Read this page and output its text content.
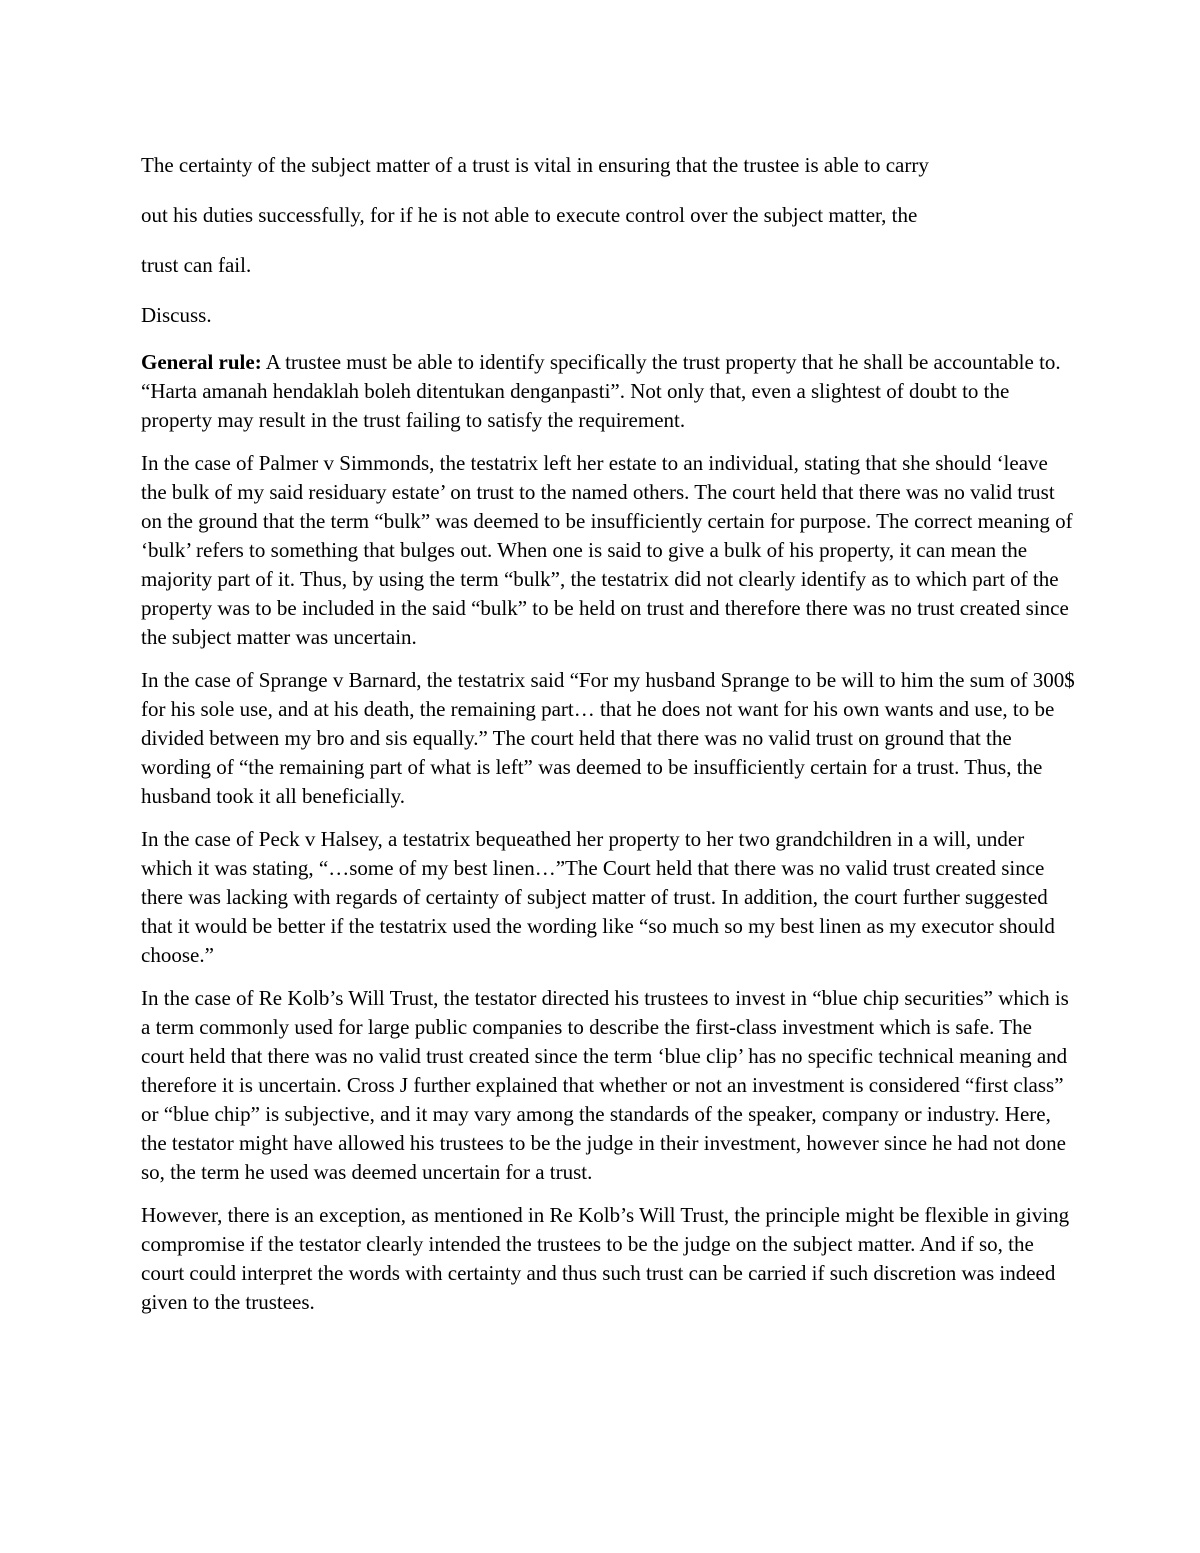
The certainty of the subject matter of a trust is vital in ensuring that the trustee is able to carry

out his duties successfully, for if he is not able to execute control over the subject matter, the

trust can fail.

Discuss.

General rule: A trustee must be able to identify specifically the trust property that he shall be accountable to. “Harta amanah hendaklah boleh ditentukan denganpasti”. Not only that, even a slightest of doubt to the property may result in the trust failing to satisfy the requirement.

In the case of Palmer v Simmonds, the testatrix left her estate to an individual, stating that she should ‘leave the bulk of my said residuary estate’ on trust to the named others. The court held that there was no valid trust on the ground that the term “bulk” was deemed to be insufficiently certain for purpose. The correct meaning of ‘bulk’ refers to something that bulges out. When one is said to give a bulk of his property, it can mean the majority part of it. Thus, by using the term “bulk”, the testatrix did not clearly identify as to which part of the property was to be included in the said “bulk” to be held on trust and therefore there was no trust created since the subject matter was uncertain.

In the case of Sprange v Barnard, the testatrix said “For my husband Sprange to be will to him the sum of 300$ for his sole use, and at his death, the remaining part… that he does not want for his own wants and use, to be divided between my bro and sis equally.” The court held that there was no valid trust on ground that the wording of “the remaining part of what is left” was deemed to be insufficiently certain for a trust. Thus, the husband took it all beneficially.

In the case of Peck v Halsey, a testatrix bequeathed her property to her two grandchildren in a will, under which it was stating, “…some of my best linen…”The Court held that there was no valid trust created since there was lacking with regards of certainty of subject matter of trust. In addition, the court further suggested that it would be better if the testatrix used the wording like “so much so my best linen as my executor should choose.”

In the case of Re Kolb’s Will Trust, the testator directed his trustees to invest in “blue chip securities” which is a term commonly used for large public companies to describe the first-class investment which is safe. The court held that there was no valid trust created since the term ‘blue clip’ has no specific technical meaning and therefore it is uncertain. Cross J further explained that whether or not an investment is considered “first class” or “blue chip” is subjective, and it may vary among the standards of the speaker, company or industry. Here, the testator might have allowed his trustees to be the judge in their investment, however since he had not done so, the term he used was deemed uncertain for a trust.

However, there is an exception, as mentioned in Re Kolb’s Will Trust, the principle might be flexible in giving compromise if the testator clearly intended the trustees to be the judge on the subject matter. And if so, the court could interpret the words with certainty and thus such trust can be carried if such discretion was indeed given to the trustees.
